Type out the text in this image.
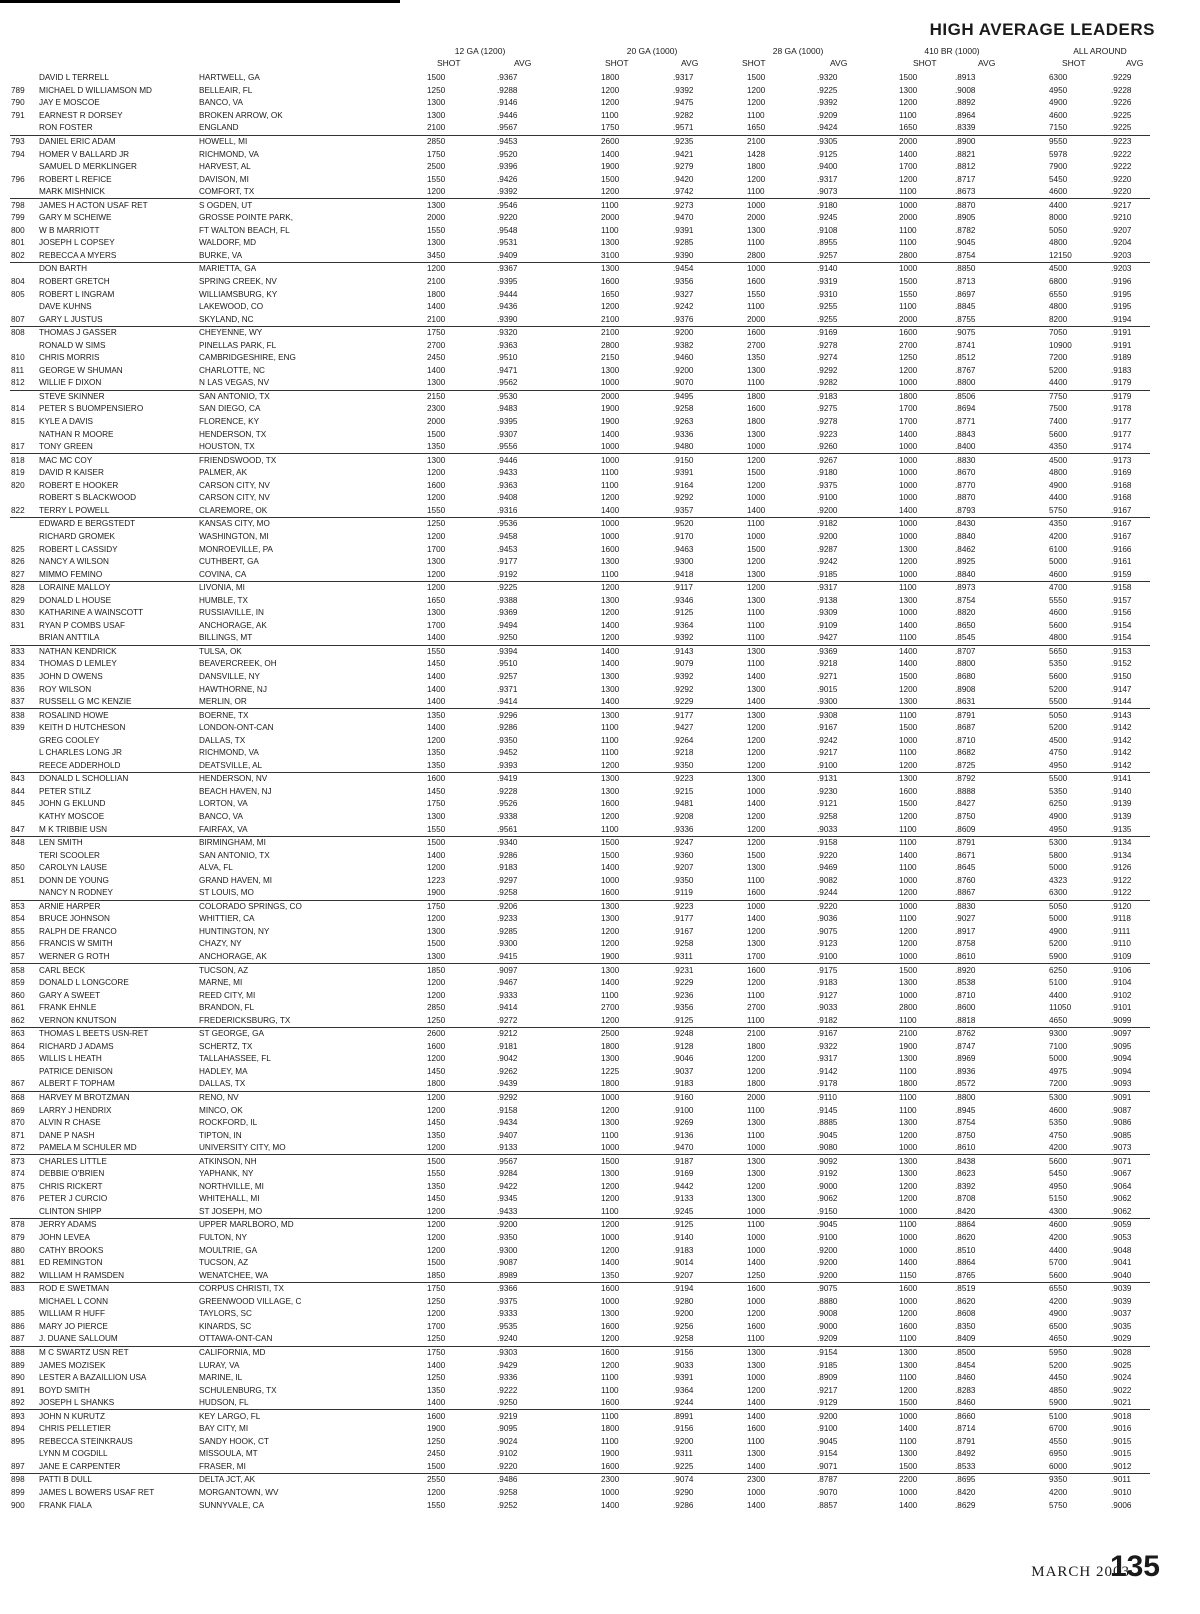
HIGH AVERAGE LEADERS
12 GA (1200)	20 GA (1000)	28 GA (1000)	410 BR (1000)	ALL AROUND
SHOT	AVG	SHOT	AVG	SHOT	AVG	SHOT	AVG	SHOT	AVG
	DAVID L TERRELL	HARTWELL, GA	1500	.9367	1800	.9317	1500	.9320	1500	.8913	6300	.9229
789	MICHAEL D WILLIAMSON MD	BELLEAIR, FL	1250	.9288	1200	.9392	1200	.9225	1300	.9008	4950	.9228
790	JAY E MOSCOE	BANCO, VA	1300	.9146	1200	.9475	1200	.9392	1200	.8892	4900	.9226
791	EARNEST R DORSEY	BROKEN ARROW, OK	1300	.9446	1100	.9282	1100	.9209	1100	.8964	4600	.9225
	RON FOSTER	ENGLAND	2100	.9567	1750	.9571	1650	.9424	1650	.8339	7150	.9225
793	DANIEL ERIC ADAM	HOWELL, MI	2850	.9453	2600	.9235	2100	.9305	2000	.8900	9550	.9223
794	HOMER V BALLARD JR	RICHMOND, VA	1750	.9520	1400	.9421	1428	.9125	1400	.8821	5978	.9222
	SAMUEL D MERKLINGER	HARVEST, AL	2500	.9396	1900	.9279	1800	.9400	1700	.8812	7900	.9222
796	ROBERT L REFICE	DAVISON, MI	1550	.9426	1500	.9420	1200	.9317	1200	.8717	5450	.9220
	MARK MISHNICK	COMFORT, TX	1200	.9392	1200	.9742	1100	.9073	1100	.8673	4600	.9220
798	JAMES H ACTON USAF RET	S OGDEN, UT	1300	.9546	1100	.9273	1000	.9180	1000	.8870	4400	.9217
799	GARY M SCHEIWE	GROSSE POINTE PARK,	2000	.9220	2000	.9470	2000	.9245	2000	.8905	8000	.9210
800	W B MARRIOTT	FT WALTON BEACH, FL	1550	.9548	1100	.9391	1300	.9108	1100	.8782	5050	.9207
801	JOSEPH L COPSEY	WALDORF, MD	1300	.9531	1300	.9285	1100	.8955	1100	.9045	4800	.9204
802	REBECCA A MYERS	BURKE, VA	3450	.9409	3100	.9390	2800	.9257	2800	.8754	12150	.9203
	DON BARTH	MARIETTA, GA	1200	.9367	1300	.9454	1000	.9140	1000	.8850	4500	.9203
804	ROBERT GRETCH	SPRING CREEK, NV	2100	.9395	1600	.9356	1600	.9319	1500	.8713	6800	.9196
805	ROBERT L INGRAM	WILLIAMSBURG, KY	1800	.9444	1650	.9327	1550	.9310	1550	.8697	6550	.9195
	DAVE KUHNS	LAKEWOOD, CO	1400	.9436	1200	.9242	1100	.9255	1100	.8845	4800	.9195
807	GARY L JUSTUS	SKYLAND, NC	2100	.9390	2100	.9376	2000	.9255	2000	.8755	8200	.9194
808	THOMAS J GASSER	CHEYENNE, WY	1750	.9320	2100	.9200	1600	.9169	1600	.9075	7050	.9191
	RONALD W SIMS	PINELLAS PARK, FL	2700	.9363	2800	.9382	2700	.9278	2700	.8741	10900	.9191
810	CHRIS MORRIS	CAMBRIDGESHIRE, ENG	2450	.9510	2150	.9460	1350	.9274	1250	.8512	7200	.9189
811	GEORGE W SHUMAN	CHARLOTTE, NC	1400	.9471	1300	.9200	1300	.9292	1200	.8767	5200	.9183
812	WILLIE F DIXON	N LAS VEGAS, NV	1300	.9562	1000	.9070	1100	.9282	1000	.8800	4400	.9179
	STEVE SKINNER	SAN ANTONIO, TX	2150	.9530	2000	.9495	1800	.9183	1800	.8506	7750	.9179
814	PETER S BUOMPENSIERO	SAN DIEGO, CA	2300	.9483	1900	.9258	1600	.9275	1700	.8694	7500	.9178
815	KYLE A DAVIS	FLORENCE, KY	2000	.9395	1900	.9263	1800	.9278	1700	.8771	7400	.9177
	NATHAN R MOORE	HENDERSON, TX	1500	.9307	1400	.9336	1300	.9223	1400	.8843	5600	.9177
817	TONY GREEN	HOUSTON, TX	1350	.9556	1000	.9480	1000	.9260	1000	.8400	4350	.9174
818	MAC MC COY	FRIENDSWOOD, TX	1300	.9446	1000	.9150	1200	.9267	1000	.8830	4500	.9173
819	DAVID R KAISER	PALMER, AK	1200	.9433	1100	.9391	1500	.9180	1000	.8670	4800	.9169
820	ROBERT E HOOKER	CARSON CITY, NV	1600	.9363	1100	.9164	1200	.9375	1000	.8770	4900	.9168
	ROBERT S BLACKWOOD	CARSON CITY, NV	1200	.9408	1200	.9292	1000	.9100	1000	.8870	4400	.9168
822	TERRY L POWELL	CLAREMORE, OK	1550	.9316	1400	.9357	1400	.9200	1400	.8793	5750	.9167
	EDWARD E BERGSTEDT	KANSAS CITY, MO	1250	.9536	1000	.9520	1100	.9182	1000	.8430	4350	.9167
	RICHARD GROMEK	WASHINGTON, MI	1200	.9458	1000	.9170	1000	.9200	1000	.8840	4200	.9167
825	ROBERT L CASSIDY	MONROEVILLE, PA	1700	.9453	1600	.9463	1500	.9287	1300	.8462	6100	.9166
826	NANCY A WILSON	CUTHBERT, GA	1300	.9177	1300	.9300	1200	.9242	1200	.8925	5000	.9161
827	MIMMO FEMINO	COVINA, CA	1200	.9192	1100	.9418	1300	.9185	1000	.8840	4600	.9159
828	LORAINE MALLOY	LIVONIA, MI	1200	.9225	1200	.9117	1200	.9317	1100	.8973	4700	.9158
829	DONALD L HOUSE	HUMBLE, TX	1650	.9388	1300	.9346	1300	.9138	1300	.8754	5550	.9157
830	KATHARINE A WAINSCOTT	RUSSIAVILLE, IN	1300	.9369	1200	.9125	1100	.9309	1000	.8820	4600	.9156
831	RYAN P COMBS USAF	ANCHORAGE, AK	1700	.9494	1400	.9364	1100	.9109	1400	.8650	5600	.9154
	BRIAN ANTTILA	BILLINGS, MT	1400	.9250	1200	.9392	1100	.9427	1100	.8545	4800	.9154
833	NATHAN KENDRICK	TULSA, OK	1550	.9394	1400	.9143	1300	.9369	1400	.8707	5650	.9153
834	THOMAS D LEMLEY	BEAVERCREEK, OH	1450	.9510	1400	.9079	1100	.9218	1400	.8800	5350	.9152
835	JOHN D OWENS	DANSVILLE, NY	1400	.9257	1300	.9392	1400	.9271	1500	.8680	5600	.9150
836	ROY WILSON	HAWTHORNE, NJ	1400	.9371	1300	.9292	1300	.9015	1200	.8908	5200	.9147
837	RUSSELL G MC KENZIE	MERLIN, OR	1400	.9414	1400	.9229	1400	.9300	1300	.8631	5500	.9144
838	ROSALIND HOWE	BOERNE, TX	1350	.9296	1300	.9177	1300	.9308	1100	.8791	5050	.9143
839	KEITH D HUTCHESON	LONDON-ONT-CAN	1400	.9286	1100	.9427	1200	.9167	1500	.8687	5200	.9142
	GREG COOLEY	DALLAS, TX	1200	.9350	1100	.9264	1200	.9242	1000	.8710	4500	.9142
	L CHARLES LONG JR	RICHMOND, VA	1350	.9452	1100	.9218	1200	.9217	1100	.8682	4750	.9142
	REECE ADDERHOLD	DEATSVILLE, AL	1350	.9393	1200	.9350	1200	.9100	1200	.8725	4950	.9142
843	DONALD L SCHOLLIAN	HENDERSON, NV	1600	.9419	1300	.9223	1300	.9131	1300	.8792	5500	.9141
844	PETER STILZ	BEACH HAVEN, NJ	1450	.9228	1300	.9215	1000	.9230	1600	.8888	5350	.9140
845	JOHN G EKLUND	LORTON, VA	1750	.9526	1600	.9481	1400	.9121	1500	.8427	6250	.9139
	KATHY MOSCOE	BANCO, VA	1300	.9338	1200	.9208	1200	.9258	1200	.8750	4900	.9139
847	M K TRIBBIE USN	FAIRFAX, VA	1550	.9561	1100	.9336	1200	.9033	1100	.8609	4950	.9135
848	LEN SMITH	BIRMINGHAM, MI	1500	.9340	1500	.9247	1200	.9158	1100	.8791	5300	.9134
	TERI SCOOLER	SAN ANTONIO, TX	1400	.9286	1500	.9360	1500	.9220	1400	.8671	5800	.9134
850	CAROLYN LAUSE	ALVA, FL	1200	.9183	1400	.9207	1300	.9469	1100	.8645	5000	.9126
851	DONN DE YOUNG	GRAND HAVEN, MI	1223	.9297	1000	.9350	1100	.9082	1000	.8760	4323	.9122
	NANCY N RODNEY	ST LOUIS, MO	1900	.9258	1600	.9119	1600	.9244	1200	.8867	6300	.9122
853	ARNIE HARPER	COLORADO SPRINGS, CO	1750	.9206	1300	.9223	1000	.9220	1000	.8830	5050	.9120
854	BRUCE JOHNSON	WHITTIER, CA	1200	.9233	1300	.9177	1400	.9036	1100	.9027	5000	.9118
855	RALPH DE FRANCO	HUNTINGTON, NY	1300	.9285	1200	.9167	1200	.9075	1200	.8917	4900	.9111
856	FRANCIS W SMITH	CHAZY, NY	1500	.9300	1200	.9258	1300	.9123	1200	.8758	5200	.9110
857	WERNER G ROTH	ANCHORAGE, AK	1300	.9415	1900	.9311	1700	.9100	1000	.8610	5900	.9109
858	CARL BECK	TUCSON, AZ	1850	.9097	1300	.9231	1600	.9175	1500	.8920	6250	.9106
859	DONALD L LONGCORE	MARNE, MI	1200	.9467	1400	.9229	1200	.9183	1300	.8538	5100	.9104
860	GARY A SWEET	REED CITY, MI	1200	.9333	1100	.9236	1100	.9127	1000	.8710	4400	.9102
861	FRANK EHNLE	BRANDON, FL	2850	.9414	2700	.9356	2700	.9033	2800	.8600	11050	.9101
862	VERNON KNUTSON	FREDERICKSBURG, TX	1250	.9272	1200	.9125	1100	.9182	1100	.8818	4650	.9099
863	THOMAS L BEETS USN-RET	ST GEORGE, GA	2600	.9212	2500	.9248	2100	.9167	2100	.8762	9300	.9097
864	RICHARD J ADAMS	SCHERTZ, TX	1600	.9181	1800	.9128	1800	.9322	1900	.8747	7100	.9095
865	WILLIS L HEATH	TALLAHASSEE, FL	1200	.9042	1300	.9046	1200	.9317	1300	.8969	5000	.9094
	PATRICE DENISON	HADLEY, MA	1450	.9262	1225	.9037	1200	.9142	1100	.8936	4975	.9094
867	ALBERT F TOPHAM	DALLAS, TX	1800	.9439	1800	.9183	1800	.9178	1800	.8572	7200	.9093
868	HARVEY M BROTZMAN	RENO, NV	1200	.9292	1000	.9160	2000	.9110	1100	.8800	5300	.9091
869	LARRY J HENDRIX	MINCO, OK	1200	.9158	1200	.9100	1100	.9145	1100	.8945	4600	.9087
870	ALVIN R CHASE	ROCKFORD, IL	1450	.9434	1300	.9269	1300	.8885	1300	.8754	5350	.9086
871	DANE P NASH	TIPTON, IN	1350	.9407	1100	.9136	1100	.9045	1200	.8750	4750	.9085
872	PAMELA M SCHULER MD	UNIVERSITY CITY, MO	1200	.9133	1000	.9470	1000	.9080	1000	.8610	4200	.9073
873	CHARLES LITTLE	ATKINSON, NH	1500	.9567	1500	.9187	1300	.9092	1300	.8438	5600	.9071
874	DEBBIE O'BRIEN	YAPHANK, NY	1550	.9284	1300	.9169	1300	.9192	1300	.8623	5450	.9067
875	CHRIS RICKERT	NORTHVILLE, MI	1350	.9422	1200	.9442	1200	.9000	1200	.8392	4950	.9064
876	PETER J CURCIO	WHITEHALL, MI	1450	.9345	1200	.9133	1300	.9062	1200	.8708	5150	.9062
	CLINTON SHIPP	ST JOSEPH, MO	1200	.9433	1100	.9245	1000	.9150	1000	.8420	4300	.9062
878	JERRY ADAMS	UPPER MARLBORO, MD	1200	.9200	1200	.9125	1100	.9045	1100	.8864	4600	.9059
879	JOHN LEVEA	FULTON, NY	1200	.9350	1000	.9140	1000	.9100	1000	.8620	4200	.9053
880	CATHY BROOKS	MOULTRIE, GA	1200	.9300	1200	.9183	1000	.9200	1000	.8510	4400	.9048
881	ED REMINGTON	TUCSON, AZ	1500	.9087	1400	.9014	1400	.9200	1400	.8864	5700	.9041
882	WILLIAM H RAMSDEN	WENATCHEE, WA	1850	.8989	1350	.9207	1250	.9200	1150	.8765	5600	.9040
883	ROD E SWETMAN	CORPUS CHRISTI, TX	1750	.9366	1600	.9194	1600	.9075	1600	.8519	6550	.9039
	MICHAEL L CONN	GREENWOOD VILLAGE, C	1250	.9375	1000	.9280	1000	.8880	1000	.8620	4200	.9039
885	WILLIAM R HUFF	TAYLORS, SC	1200	.9333	1300	.9200	1200	.9008	1200	.8608	4900	.9037
886	MARY JO PIERCE	KINARDS, SC	1700	.9535	1600	.9256	1600	.9000	1600	.8350	6500	.9035
887	J. DUANE SALLOUM	OTTAWA-ONT-CAN	1250	.9240	1200	.9258	1100	.9209	1100	.8409	4650	.9029
888	M C SWARTZ USN RET	CALIFORNIA, MD	1750	.9303	1600	.9156	1300	.9154	1300	.8500	5950	.9028
889	JAMES MOZISEK	LURAY, VA	1400	.9429	1200	.9033	1300	.9185	1300	.8454	5200	.9025
890	LESTER A BAZAILLION USA	MARINE, IL	1250	.9336	1100	.9391	1000	.8909	1100	.8460	4450	.9024
891	BOYD SMITH	SCHULENBURG, TX	1350	.9222	1100	.9364	1200	.9217	1200	.8283	4850	.9022
892	JOSEPH L SHANKS	HUDSON, FL	1400	.9250	1600	.9244	1400	.9129	1500	.8460	5900	.9021
893	JOHN N KURUTZ	KEY LARGO, FL	1600	.9219	1100	.8991	1400	.9200	1000	.8660	5100	.9018
894	CHRIS PELLETIER	BAY CITY, MI	1900	.9095	1800	.9156	1600	.9100	1400	.8714	6700	.9016
895	REBECCA STEINKRAUS	SANDY HOOK, CT	1250	.9024	1100	.9200	1100	.9045	1100	.8791	4550	.9015
	LYNN M COGDILL	MISSOULA, MT	2450	.9102	1900	.9311	1300	.9154	1300	.8492	6950	.9015
897	JANE E CARPENTER	FRASER, MI	1500	.9220	1600	.9225	1400	.9071	1500	.8533	6000	.9012
898	PATTI B DULL	DELTA JCT, AK	2550	.9486	2300	.9074	2300	.8787	2200	.8695	9350	.9011
899	JAMES L BOWERS USAF RET	MORGANTOWN, WV	1200	.9258	1000	.9290	1000	.9070	1000	.8420	4200	.9010
900	FRANK FIALA	SUNNYVALE, CA	1550	.9252	1400	.9286	1400	.8857	1400	.8629	5750	.9006
MARCH 2003
135
